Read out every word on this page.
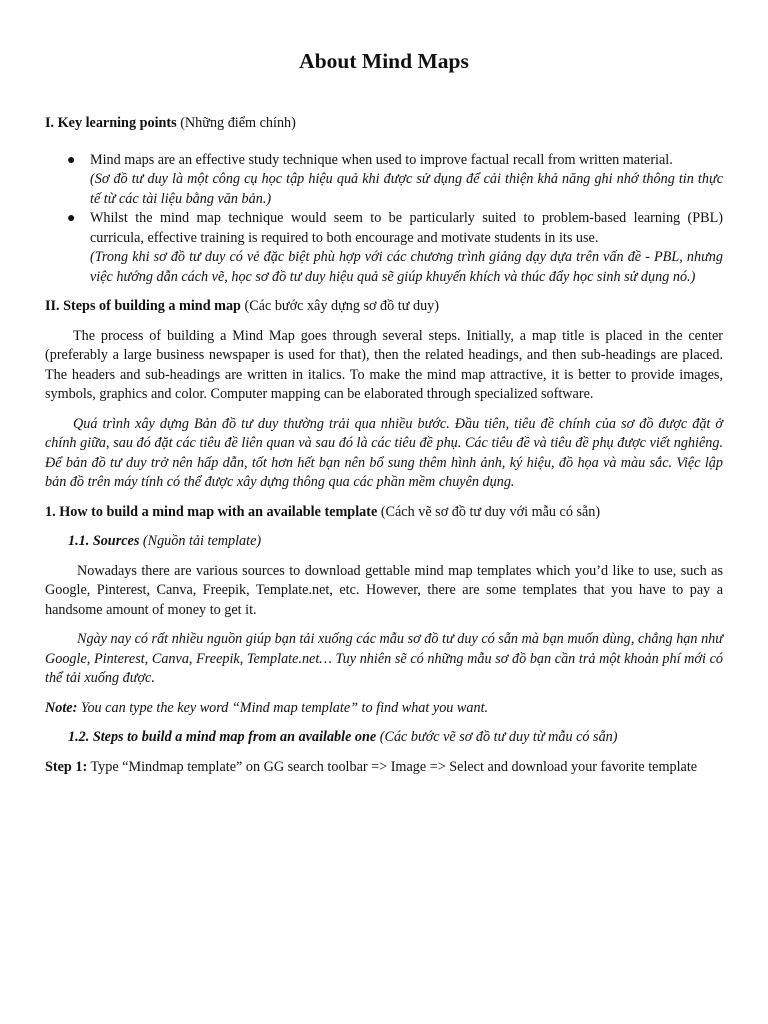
About Mind Maps

I. Key learning points (Những điểm chính)

● Mind maps are an effective study technique when used to improve factual recall from written material.
(Sơ đồ tư duy là một công cụ học tập hiệu quả khi được sử dụng để cải thiện khả năng ghi nhớ thông tin thực tế từ các tài liệu bằng văn bản.)
● Whilst the mind map technique would seem to be particularly suited to problem-based learning (PBL) curricula, effective training is required to both encourage and motivate students in its use.
(Trong khi sơ đồ tư duy có vẻ đặc biệt phù hợp với các chương trình giảng dạy dựa trên vấn đề - PBL, nhưng việc hướng dẫn cách vẽ, học sơ đồ tư duy hiệu quả sẽ giúp khuyến khích và thúc đẩy học sinh sử dụng nó.)

II. Steps of building a mind map (Các bước xây dựng sơ đồ tư duy)

The process of building a Mind Map goes through several steps. Initially, a map title is placed in the center (preferably a large business newspaper is used for that), then the related headings, and then sub-headings are placed. The headers and sub-headings are written in italics. To make the mind map attractive, it is better to provide images, symbols, graphics and color. Computer mapping can be elaborated through specialized software.

Quá trình xây dựng Bản đồ tư duy thường trải qua nhiều bước. Đầu tiên, tiêu đề chính của sơ đồ được đặt ở chính giữa, sau đó đặt các tiêu đề liên quan và sau đó là các tiêu đề phụ. Các tiêu đề và tiêu đề phụ được viết nghiêng. Để bản đồ tư duy trở nên hấp dẫn, tốt hơn hết bạn nên bổ sung thêm hình ảnh, ký hiệu, đồ họa và màu sắc. Việc lập bản đồ trên máy tính có thể được xây dựng thông qua các phần mềm chuyên dụng.

1. How to build a mind map with an available template (Cách vẽ sơ đồ tư duy với mẫu có sẵn)

1.1. Sources (Nguồn tải template)

Nowadays there are various sources to download gettable mind map templates which you’d like to use, such as Google, Pinterest, Canva, Freepik, Template.net, etc. However, there are some templates that you have to pay a handsome amount of money to get it.

Ngày nay có rất nhiều nguồn giúp bạn tải xuống các mẫu sơ đồ tư duy có sẵn mà bạn muốn dùng, chẳng hạn như Google, Pinterest, Canva, Freepik, Template.net… Tuy nhiên sẽ có những mẫu sơ đồ bạn cần trả một khoản phí mới có thể tải xuống được.

Note: You can type the key word “Mind map template” to find what you want.

1.2. Steps to build a mind map from an available one (Các bước vẽ sơ đồ tư duy từ mẫu có sẵn)

Step 1: Type “Mindmap template” on GG search toolbar => Image => Select and download your favorite template
